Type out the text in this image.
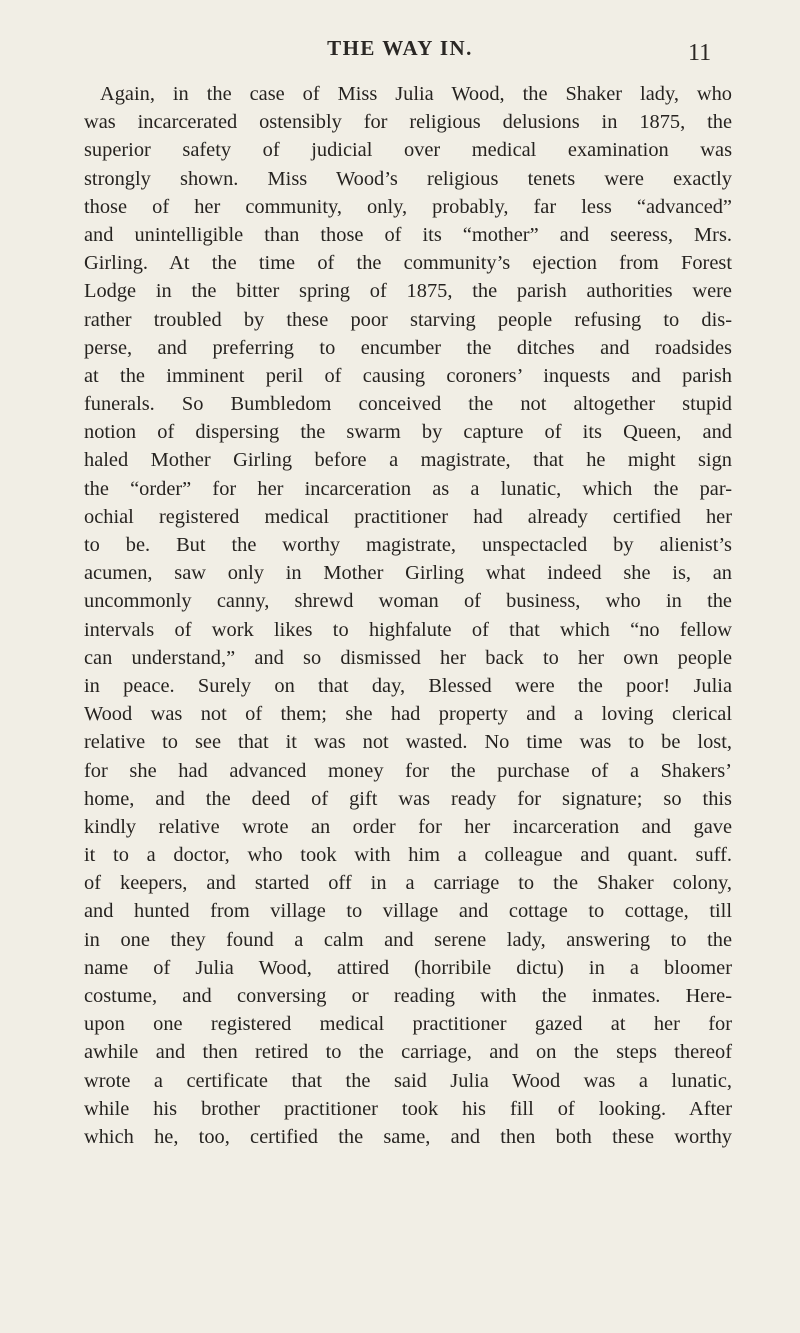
THE WAY IN.	11
Again, in the case of Miss Julia Wood, the Shaker lady, who
was incarcerated ostensibly for religious delusions in 1875, the
superior safety of judicial over medical examination was
strongly shown. Miss Wood’s religious tenets were exactly
those of her community, only, probably, far less “advanced”
and unintelligible than those of its “mother” and seeress, Mrs.
Girling. At the time of the community’s ejection from Forest
Lodge in the bitter spring of 1875, the parish authorities were
rather troubled by these poor starving people refusing to dis-
perse, and preferring to encumber the ditches and roadsides
at the imminent peril of causing coroners’ inquests and parish
funerals. So Bumbledom conceived the not altogether stupid
notion of dispersing the swarm by capture of its Queen, and
haled Mother Girling before a magistrate, that he might sign
the “order” for her incarceration as a lunatic, which the par-
ochial registered medical practitioner had already certified her
to be. But the worthy magistrate, unspectacled by alienist’s
acumen, saw only in Mother Girling what indeed she is, an
uncommonly canny, shrewd woman of business, who in the
intervals of work likes to highfalute of that which “no fellow
can understand,” and so dismissed her back to her own people
in peace. Surely on that day, Blessed were the poor! Julia
Wood was not of them; she had property and a loving clerical
relative to see that it was not wasted. No time was to be lost,
for she had advanced money for the purchase of a Shakers’
home, and the deed of gift was ready for signature; so this
kindly relative wrote an order for her incarceration and gave
it to a doctor, who took with him a colleague and quant. suff.
of keepers, and started off in a carriage to the Shaker colony,
and hunted from village to village and cottage to cottage, till
in one they found a calm and serene lady, answering to the
name of Julia Wood, attired (horribile dictu) in a bloomer
costume, and conversing or reading with the inmates. Here-
upon one registered medical practitioner gazed at her for
awhile and then retired to the carriage, and on the steps thereof
wrote a certificate that the said Julia Wood was a lunatic,
while his brother practitioner took his fill of looking. After
which he, too, certified the same, and then both these worthy
